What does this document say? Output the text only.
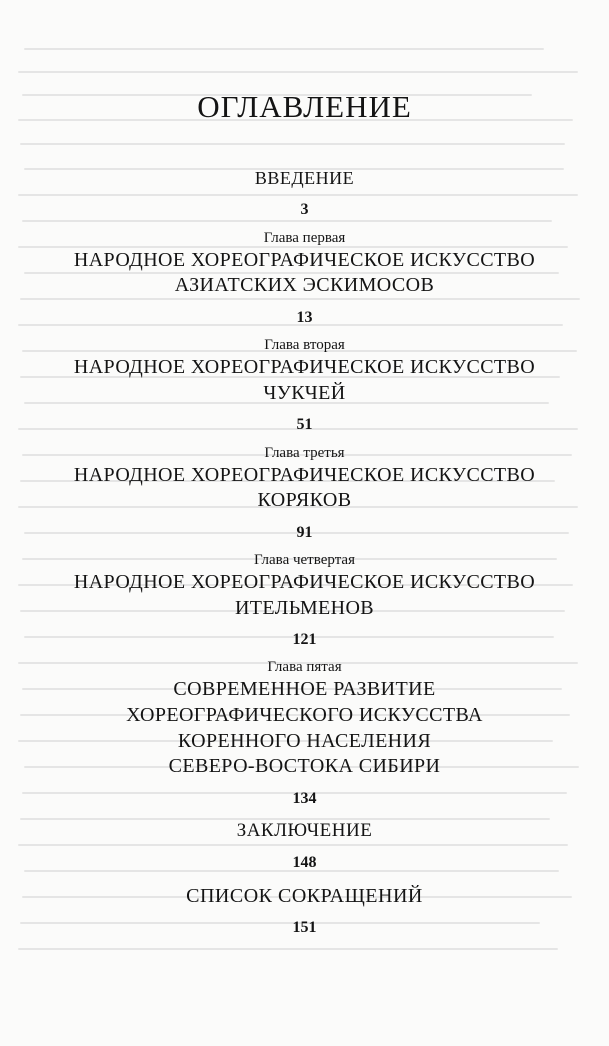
ОГЛАВЛЕНИЕ
ВВЕДЕНИЕ
3
Глава первая
НАРОДНОЕ ХОРЕОГРАФИЧЕСКОЕ ИСКУССТВО
АЗИАТСКИХ ЭСКИМОСОВ
13
Глава вторая
НАРОДНОЕ ХОРЕОГРАФИЧЕСКОЕ ИСКУССТВО
ЧУКЧЕЙ
51
Глава третья
НАРОДНОЕ ХОРЕОГРАФИЧЕСКОЕ ИСКУССТВО
КОРЯКОВ
91
Глава четвертая
НАРОДНОЕ ХОРЕОГРАФИЧЕСКОЕ ИСКУССТВО
ИТЕЛЬМЕНОВ
121
Глава пятая
СОВРЕМЕННОЕ РАЗВИТИЕ
ХОРЕОГРАФИЧЕСКОГО ИСКУССТВА
КОРЕННОГО НАСЕЛЕНИЯ
СЕВЕРО-ВОСТОКА СИБИРИ
134
ЗАКЛЮЧЕНИЕ
148
СПИСОК СОКРАЩЕНИЙ
151
